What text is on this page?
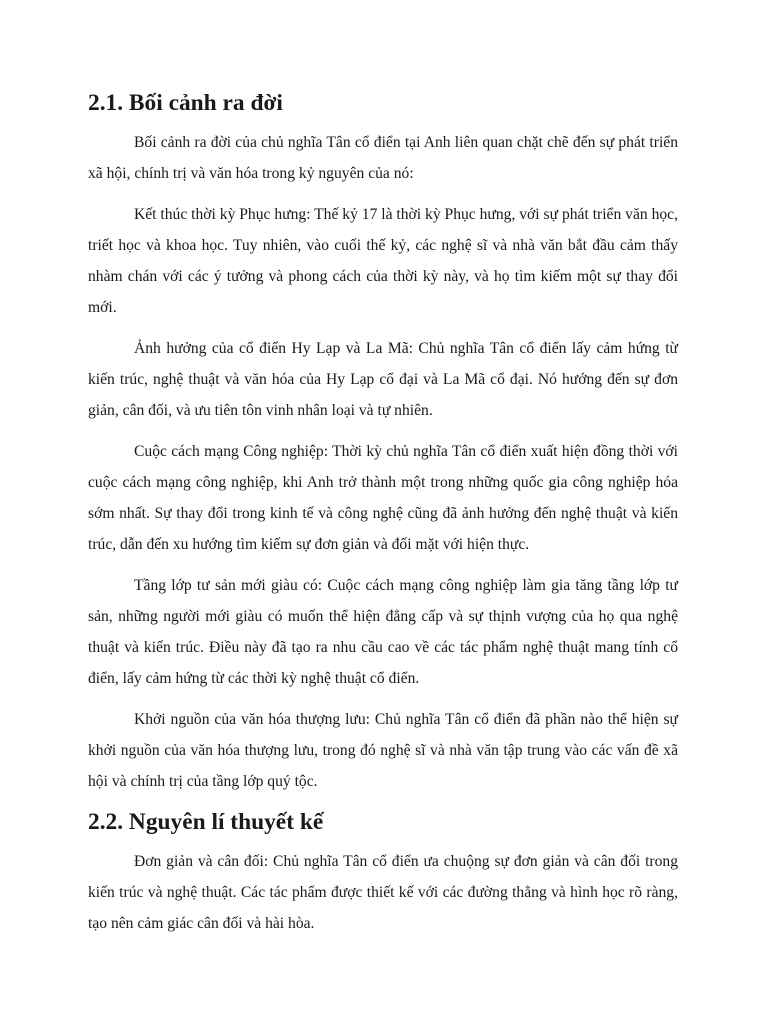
2.1. Bối cảnh ra đời

Bối cảnh ra đời của chủ nghĩa Tân cổ điển tại Anh liên quan chặt chẽ đến sự phát triển xã hội, chính trị và văn hóa trong kỷ nguyên của nó:

Kết thúc thời kỳ Phục hưng: Thế kỷ 17 là thời kỳ Phục hưng, với sự phát triển văn học, triết học và khoa học. Tuy nhiên, vào cuối thế kỷ, các nghệ sĩ và nhà văn bắt đầu cảm thấy nhàm chán với các ý tưởng và phong cách của thời kỳ này, và họ tìm kiếm một sự thay đổi mới.

Ảnh hưởng của cổ điển Hy Lạp và La Mã: Chủ nghĩa Tân cổ điển lấy cảm hứng từ kiến trúc, nghệ thuật và văn hóa của Hy Lạp cổ đại và La Mã cổ đại. Nó hướng đến sự đơn giản, cân đối, và ưu tiên tôn vinh nhân loại và tự nhiên.

Cuộc cách mạng Công nghiệp: Thời kỳ chủ nghĩa Tân cổ điển xuất hiện đồng thời với cuộc cách mạng công nghiệp, khi Anh trở thành một trong những quốc gia công nghiệp hóa sớm nhất. Sự thay đổi trong kinh tế và công nghệ cũng đã ảnh hưởng đến nghệ thuật và kiến trúc, dẫn đến xu hướng tìm kiếm sự đơn giản và đối mặt với hiện thực.

Tầng lớp tư sản mới giàu có: Cuộc cách mạng công nghiệp làm gia tăng tầng lớp tư sản, những người mới giàu có muốn thể hiện đẳng cấp và sự thịnh vượng của họ qua nghệ thuật và kiến trúc. Điều này đã tạo ra nhu cầu cao về các tác phẩm nghệ thuật mang tính cổ điển, lấy cảm hứng từ các thời kỳ nghệ thuật cổ điển.

Khởi nguồn của văn hóa thượng lưu: Chủ nghĩa Tân cổ điển đã phần nào thể hiện sự khởi nguồn của văn hóa thượng lưu, trong đó nghệ sĩ và nhà văn tập trung vào các vấn đề xã hội và chính trị của tầng lớp quý tộc.

2.2. Nguyên lí thuyết kế

Đơn giản và cân đối: Chủ nghĩa Tân cổ điển ưa chuộng sự đơn giản và cân đối trong kiến trúc và nghệ thuật. Các tác phẩm được thiết kế với các đường thẳng và hình học rõ ràng, tạo nên cảm giác cân đối và hài hòa.
